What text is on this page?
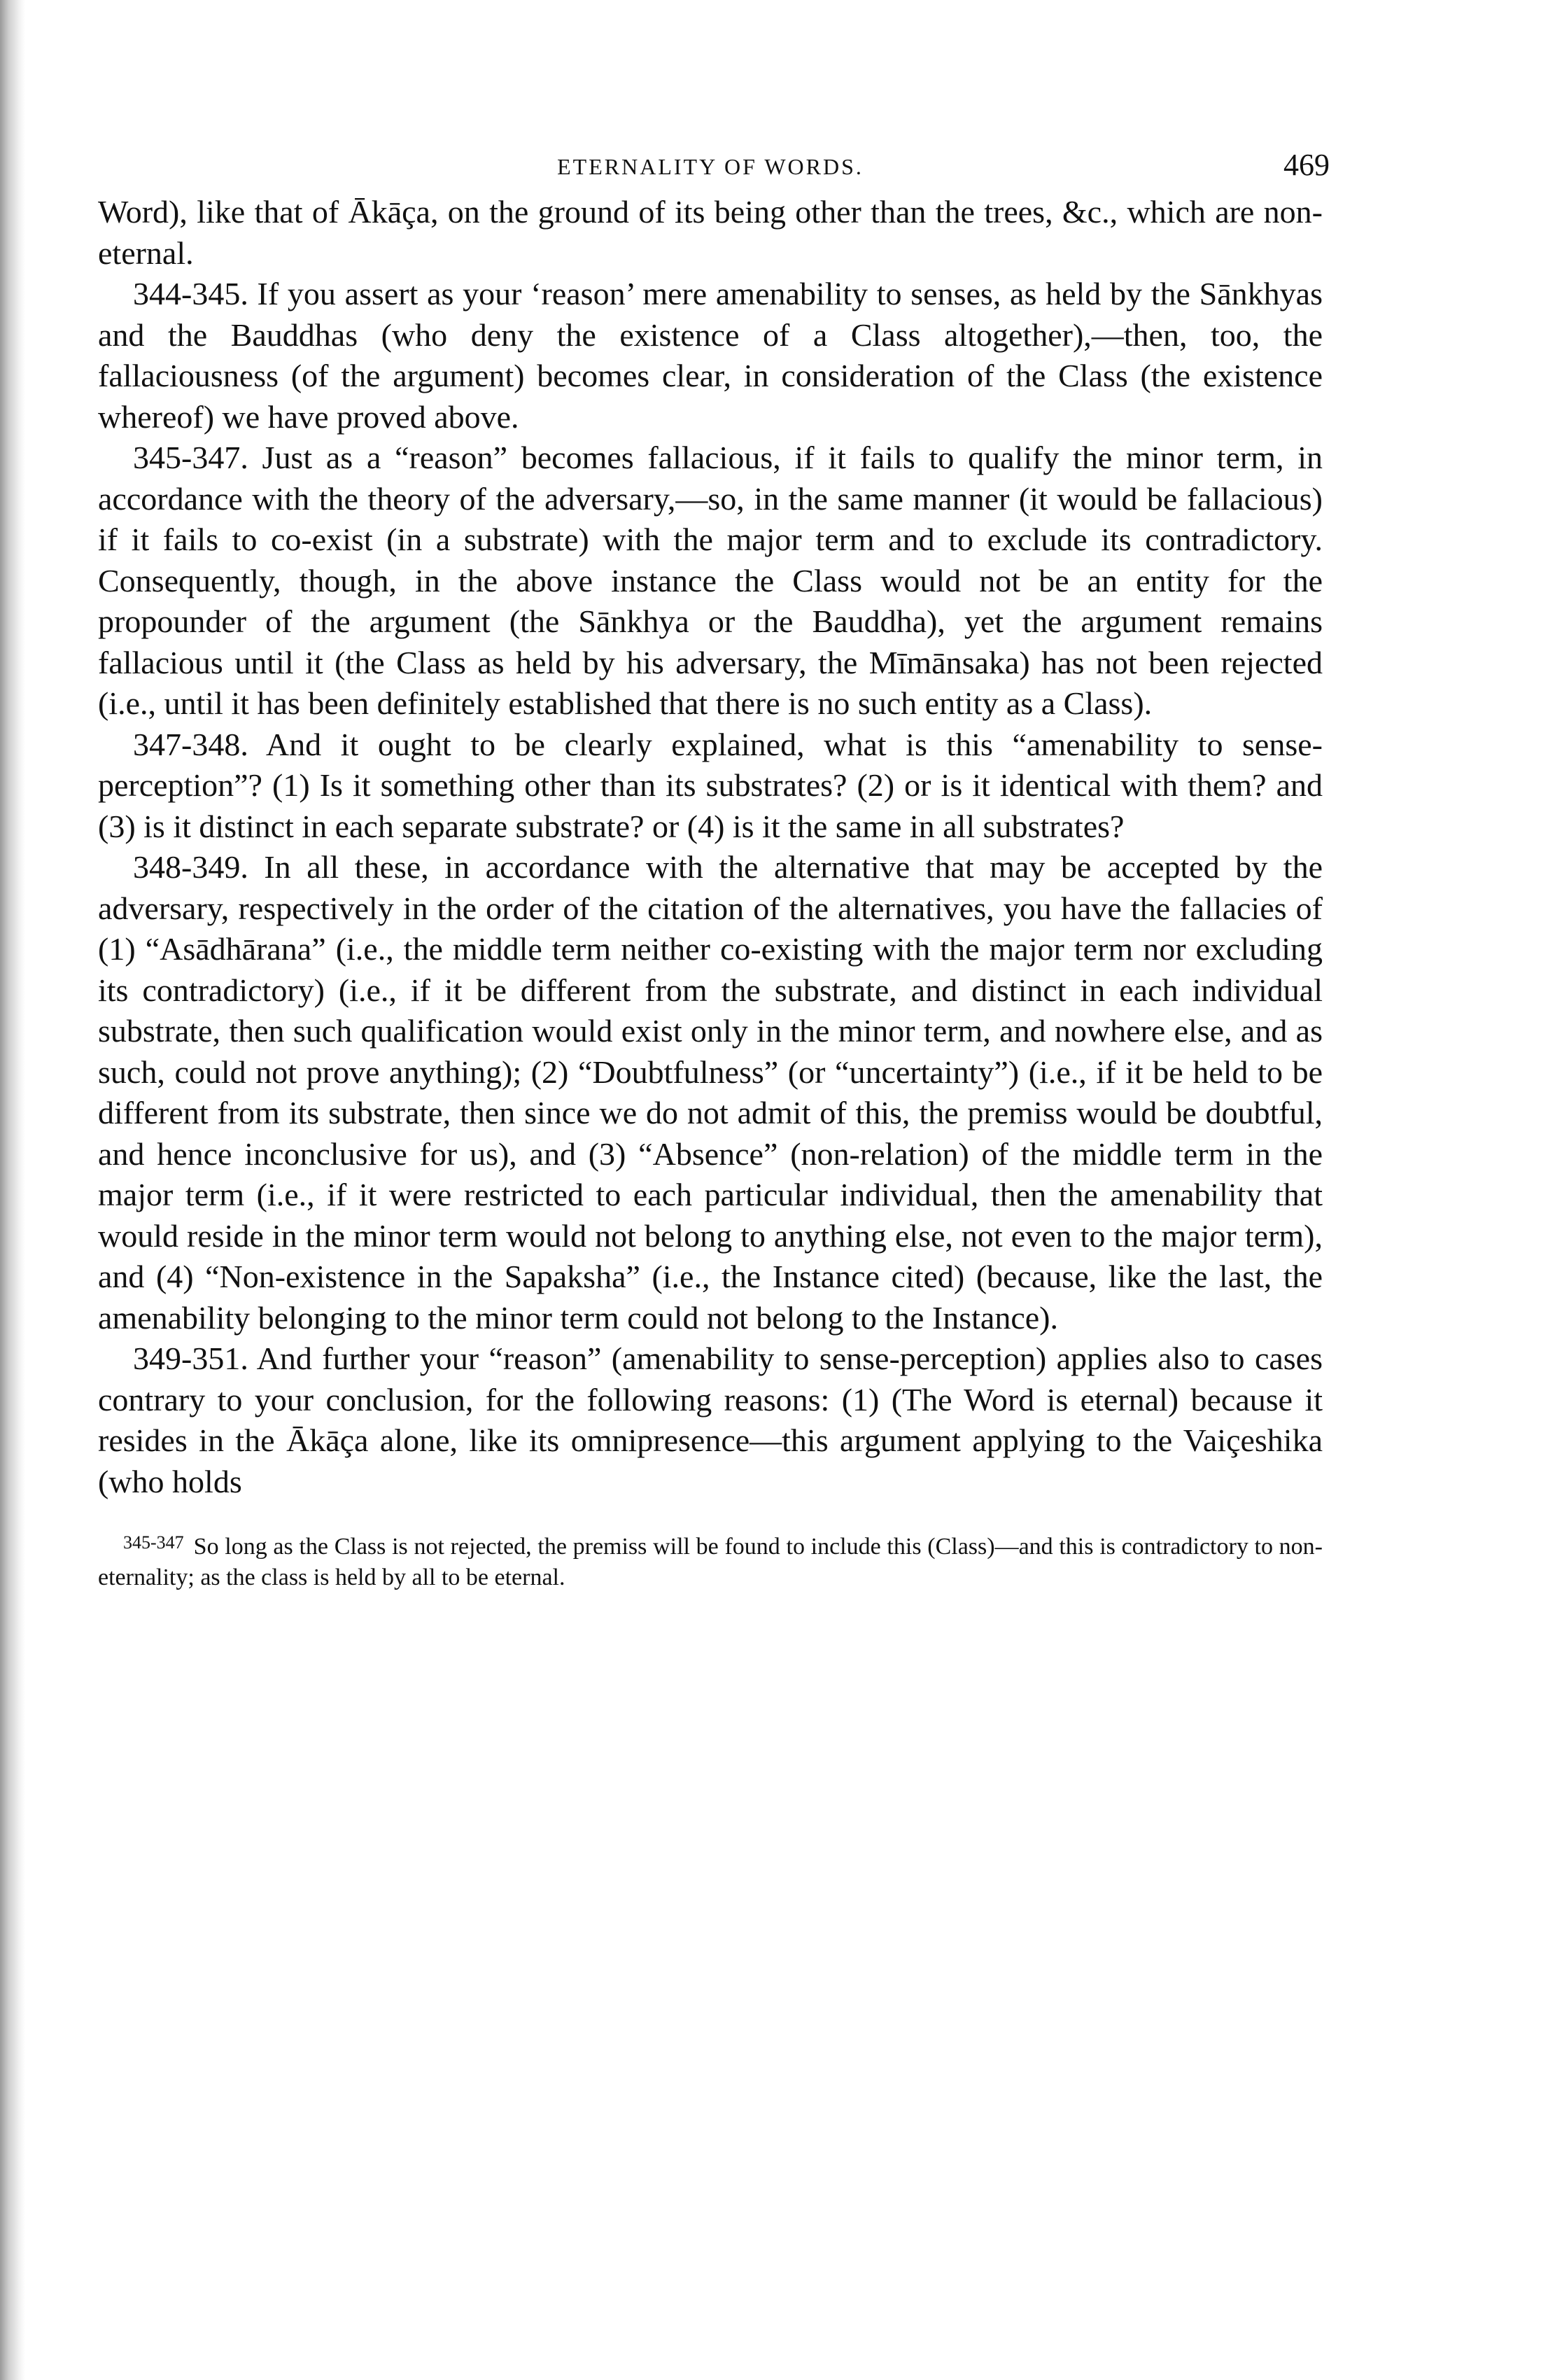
ETERNALITY OF WORDS.	469

Word), like that of Ākāça, on the ground of its being other than the trees, &c., which are non-eternal.

344-345. If you assert as your ‘reason’ mere amenability to senses, as held by the Sānkhyas and the Bauddhas (who deny the existence of a Class altogether),—then, too, the fallaciousness (of the argument) becomes clear, in consideration of the Class (the existence whereof) we have proved above.

345-347. Just as a “reason” becomes fallacious, if it fails to qualify the minor term, in accordance with the theory of the adversary,—so, in the same manner (it would be fallacious) if it fails to co-exist (in a substrate) with the major term and to exclude its contradictory. Consequently, though, in the above instance the Class would not be an entity for the propounder of the argument (the Sānkhya or the Bauddha), yet the argument remains fallacious until it (the Class as held by his adversary, the Mīmānsaka) has not been rejected (i.e., until it has been definitely established that there is no such entity as a Class).

347-348. And it ought to be clearly explained, what is this “amenability to sense-perception”? (1) Is it something other than its substrates? (2) or is it identical with them? and (3) is it distinct in each separate substrate? or (4) is it the same in all substrates?

348-349. In all these, in accordance with the alternative that may be accepted by the adversary, respectively in the order of the citation of the alternatives, you have the fallacies of (1) “Asādhārana” (i.e., the middle term neither co-existing with the major term nor excluding its contradictory) (i.e., if it be different from the substrate, and distinct in each individual substrate, then such qualification would exist only in the minor term, and nowhere else, and as such, could not prove anything); (2) “Doubtfulness” (or “uncertainty”) (i.e., if it be held to be different from its substrate, then since we do not admit of this, the premiss would be doubtful, and hence inconclusive for us), and (3) “Absence” (non-relation) of the middle term in the major term (i.e., if it were restricted to each particular individual, then the amenability that would reside in the minor term would not belong to anything else, not even to the major term), and (4) “Non-existence in the Sapaksha” (i.e., the Instance cited) (because, like the last, the amenability belonging to the minor term could not belong to the Instance).

349-351. And further your “reason” (amenability to sense-perception) applies also to cases contrary to your conclusion, for the following reasons: (1) (The Word is eternal) because it resides in the Ākāça alone, like its omnipresence—this argument applying to the Vaiçeshika (who holds

$^{345-347}$ So long as the Class is not rejected, the premiss will be found to include this (Class)—and this is contradictory to non-eternality; as the class is held by all to be eternal.
